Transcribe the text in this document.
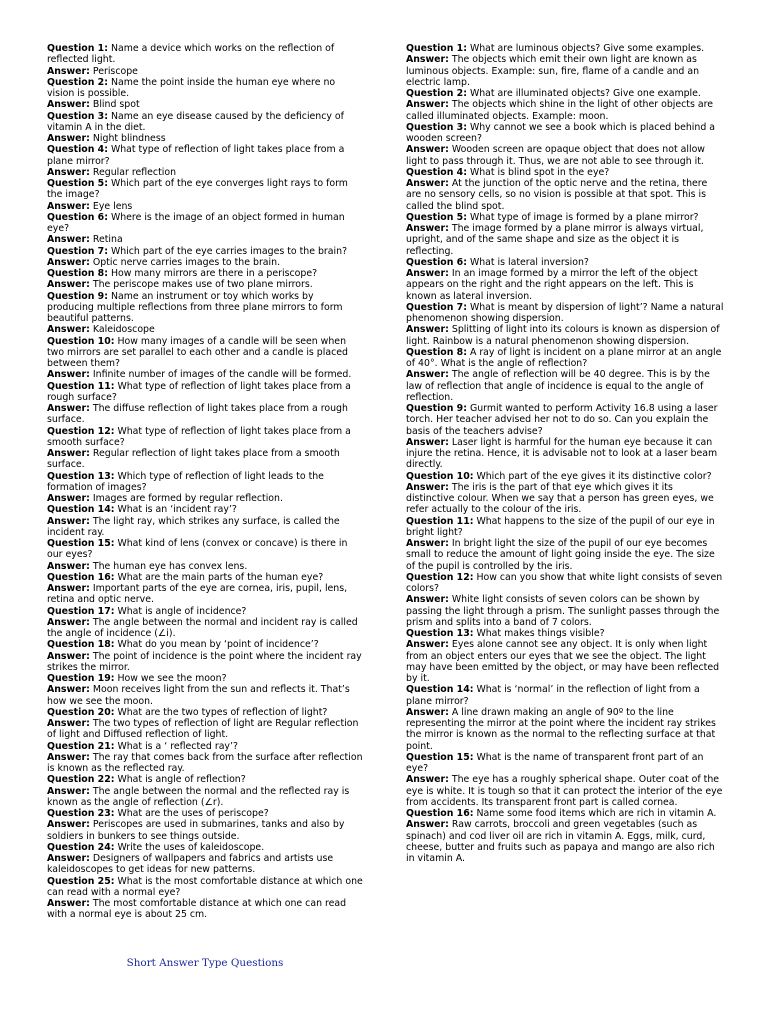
Question 1: Name a device which works on the reflection of reflected light.

Answer: Periscope

Question 2: Name the point inside the human eye where no vision is possible.

Answer: Blind spot

Question 3: Name an eye disease caused by the deficiency of vitamin A in the diet.

Answer: Night blindness

Question 4: What type of reflection of light takes place from a plane mirror?

Answer: Regular reflection

Question 5: Which part of the eye converges light rays to form the image?

Answer: Eye lens

Question 6: Where is the image of an object formed in human eye?

Answer: Retina

Question 7: Which part of the eye carries images to the brain?

Answer: Optic nerve carries images to the brain.

Question 8: How many mirrors are there in a periscope?

Answer: The periscope makes use of two plane mirrors.

Question 9: Name an instrument or toy which works by producing multiple reflections from three plane mirrors to form beautiful patterns.

Answer: Kaleidoscope

Question 10: How many images of a candle will be seen when two mirrors are set parallel to each other and a candle is placed between them?

Answer: Infinite number of images of the candle will be formed.

Question 11: What type of reflection of light takes place from a rough surface?

Answer: The diffuse reflection of light takes place from a rough surface.

Question 12: What type of reflection of light takes place from a smooth surface?

Answer: Regular reflection of light takes place from a smooth surface.

Question 13: Which type of reflection of light leads to the formation of images?

Answer: Images are formed by regular reflection.

Question 14: What is an ‘incident ray’?

Answer: The light ray, which strikes any surface, is called the incident ray.

Question 15: What kind of lens (convex or concave) is there in our eyes?

Answer: The human eye has convex lens.

Question 16: What are the main parts of the human eye?

Answer: Important parts of the eye are cornea, iris, pupil, lens, retina and optic nerve.

Question 17: What is angle of incidence?

Answer: The angle between the normal and incident ray is called the angle of incidence (∠i).

Question 18: What do you mean by ‘point of incidence’?

Answer: The point of incidence is the point where the incident ray strikes the mirror.

Question 19: How we see the moon?

Answer: Moon receives light from the sun and reflects it. That’s how we see the moon.

Question 20: What are the two types of reflection of light?

Answer: The two types of reflection of light are Regular reflection of light and Diffused reflection of light.

Question 21: What is a ‘ reflected ray’?

Answer: The ray that comes back from the surface after reflection is known as the reflected ray.

Question 22: What is angle of reflection?

Answer: The angle between the normal and the reflected ray is known as the angle of reflection (∠r).

Question 23: What are the uses of periscope?

Answer: Periscopes are used in submarines, tanks and also by soldiers in bunkers to see things outside.

Question 24: Write the uses of kaleidoscope.

Answer: Designers of wallpapers and fabrics and artists use kaleidoscopes to get ideas for new patterns.

Question 25: What is the most comfortable distance at which one can read with a normal eye?

Answer: The most comfortable distance at which one can read with a normal eye is about 25 cm.

Question 1: What are luminous objects? Give some examples.

Answer: The objects which emit their own light are known as luminous objects. Example: sun, fire, flame of a candle and an electric lamp.

Question 2: What are illuminated objects? Give one example.

Answer: The objects which shine in the light of other objects are called illuminated objects. Example: moon.

Question 3: Why cannot we see a book which is placed behind a wooden screen?

Answer: Wooden screen are opaque object that does not allow light to pass through it. Thus, we are not able to see through it.

Question 4: What is blind spot in the eye?

Answer: At the junction of the optic nerve and the retina, there are no sensory cells, so no vision is possible at that spot. This is called the blind spot.

Question 5: What type of image is formed by a plane mirror?

Answer: The image formed by a plane mirror is always virtual, upright, and of the same shape and size as the object it is reflecting.

Question 6: What is lateral inversion?

Answer: In an image formed by a mirror the left of the object appears on the right and the right appears on the left. This is known as lateral inversion.

Question 7: What is meant by dispersion of light’? Name a natural phenomenon showing dispersion.

Answer: Splitting of light into its colours is known as dispersion of light. Rainbow is a natural phenomenon showing dispersion.

Question 8: A ray of light is incident on a plane mirror at an angle of 40°. What is the angle of reflection?

Answer: The angle of reflection will be 40 degree. This is by the law of reflection that angle of incidence is equal to the angle of reflection.

Question 9: Gurmit wanted to perform Activity 16.8 using a laser torch. Her teacher advised her not to do so. Can you explain the basis of the teachers advise?

Answer: Laser light is harmful for the human eye because it can injure the retina. Hence, it is advisable not to look at a laser beam directly.

Question 10: Which part of the eye gives it its distinctive color?

Answer: The iris is the part of that eye which gives it its distinctive colour. When we say that a person has green eyes, we refer actually to the colour of the iris.

Question 11: What happens to the size of the pupil of our eye in bright light?

Answer: In bright light the size of the pupil of our eye becomes small to reduce the amount of light going inside the eye. The size of the pupil is controlled by the iris.

Question 12: How can you show that white light consists of seven colors?

Answer: White light consists of seven colors can be shown by passing the light through a prism. The sunlight passes through the prism and splits into a band of 7 colors.

Question 13: What makes things visible?

Answer: Eyes alone cannot see any object. It is only when light from an object enters our eyes that we see the object. The light may have been emitted by the object, or may have been reflected by it.

Question 14: What is ‘normal’ in the reflection of light from a plane mirror?

Answer: A line drawn making an angle of 90º to the line representing the mirror at the point where the incident ray strikes the mirror is known as the normal to the reflecting surface at that point.

Question 15: What is the name of transparent front part of an eye?

Answer: The eye has a roughly spherical shape. Outer coat of the eye is white. It is tough so that it can protect the interior of the eye from accidents. Its transparent front part is called cornea.

Question 16: Name some food items which are rich in vitamin A.

Answer: Raw carrots, broccoli and green vegetables (such as spinach) and cod liver oil are rich in vitamin A. Eggs, milk, curd, cheese, butter and fruits such as papaya and mango are also rich in vitamin A.

Short Answer Type Questions
